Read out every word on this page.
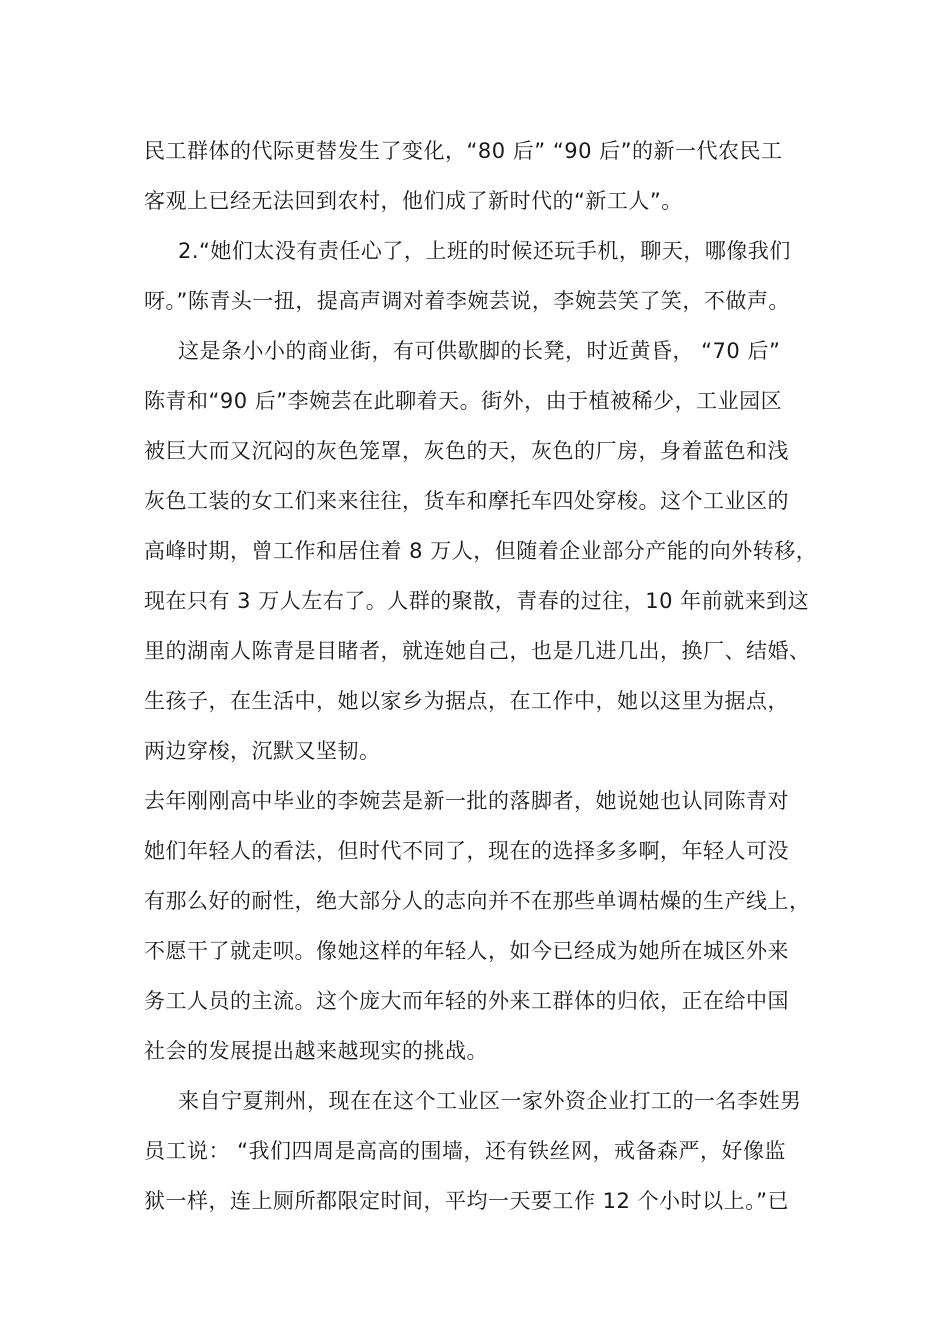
民工群体的代际更替发生了变化，“80 后” “90 后”的新一代农民工
客观上已经无法回到农村，他们成了新时代的“新工人”。
2.“她们太没有责任心了，上班的时候还玩手机，聊天，哪像我们
呀。”陈青头一扭，提高声调对着李婉芸说，李婉芸笑了笑，不做声。
这是条小小的商业街，有可供歇脚的长凳，时近黄昏， “70 后”
陈青和“90 后”李婉芸在此聊着天。街外，由于植被稀少，工业园区
被巨大而又沉闷的灰色笼罩，灰色的天，灰色的厂房，身着蓝色和浅
灰色工装的女工们来来往往，货车和摩托车四处穿梭。这个工业区的
高峰时期，曾工作和居住着 8 万人，但随着企业部分产能的向外转移，
现在只有 3 万人左右了。人群的聚散，青春的过往，10 年前就来到这
里的湖南人陈青是目睹者，就连她自己，也是几进几出，换厂、结婚、
生孩子，在生活中，她以家乡为据点，在工作中，她以这里为据点，
两边穿梭，沉默又坚韧。
去年刚刚高中毕业的李婉芸是新一批的落脚者，她说她也认同陈青对
她们年轻人的看法，但时代不同了，现在的选择多多啊，年轻人可没
有那么好的耐性，绝大部分人的志向并不在那些单调枯燥的生产线上，
不愿干了就走呗。像她这样的年轻人，如今已经成为她所在城区外来
务工人员的主流。这个庞大而年轻的外来工群体的归依，正在给中国
社会的发展提出越来越现实的挑战。
来自宁夏荆州，现在在这个工业区一家外资企业打工的一名李姓男
员工说： “我们四周是高高的围墙，还有铁丝网，戒备森严，好像监
狱一样，连上厕所都限定时间，平均一天要工作 12 个小时以上。”已
